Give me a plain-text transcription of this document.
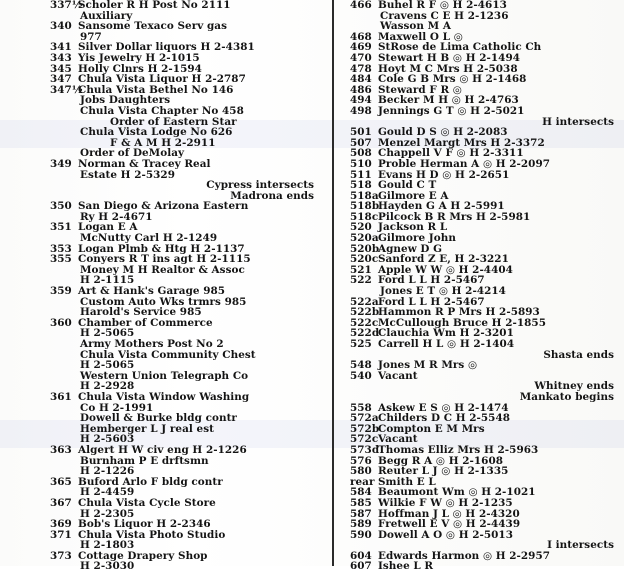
337½Scholer R H Post No 2111
Auxiliary
340 Sansome Texaco Serv gas
977
341 Silver Dollar liquors H 2-4381
343 Yis Jewelry H 2-1015
345 Holly Clnrs H 2-1594
347 Chula Vista Liquor H 2-2787
347½Chula Vista Bethel No 146
Jobs Daughters
Chula Vista Chapter No 458
Order of Eastern Star
Chula Vista Lodge No 626
F & A M H 2-2911
Order of DeMolay
349 Norman & Tracey Real
Estate H 2-5329
Cypress intersects
Madrona ends
350 San Diego & Arizona Eastern
Ry H 2-4671
351 Logan E A
McNutty Carl H 2-1249
353 Logan Plmb & Htg H 2-1137
355 Conyers R T ins agt H 2-1115
Money M H Realtor & Assoc
H 2-1115
359 Art & Hank's Garage 985
Custom Auto Wks trmrs 985
Harold's Service 985
360 Chamber of Commerce
H 2-5065
Army Mothers Post No 2
Chula Vista Community Chest
H 2-5065
Western Union Telegraph Co
H 2-2928
361 Chula Vista Window Washing
Co H 2-1991
Dowell & Burke bldg contr
Hemberger L J real est
H 2-5603
363 Algert H W civ eng H 2-1226
Burnham P E drftsmn
H 2-1226
365 Buford Arlo F bldg contr
H 2-4459
367 Chula Vista Cycle Store
H 2-2305
369 Bob's Liquor H 2-2346
371 Chula Vista Photo Studio
H 2-1803
373 Cottage Drapery Shop
H 2-3030
466 Buhel R F ◎ H 2-4613
Cravens C E H 2-1236
Wasson M A
468 Maxwell O L ◎
469 StRose de Lima Catholic Ch
470 Stewart H B ◎ H 2-1494
478 Hoyt M C Mrs H 2-5038
484 Cole G B Mrs ◎ H 2-1468
486 Steward F R ◎
494 Becker M H ◎ H 2-4763
498 Jennings G T ◎ H 2-5021
H intersects
501 Gould D S ◎ H 2-2083
507 Menzel Margt Mrs H 2-3372
508 Chappell V F ◎ H 2-3311
510 Proble Herman A ◎ H 2-2097
511 Evans H D ◎ H 2-2651
518 Gould C T
518aGilmore E A
518bHayden G A H 2-5991
518cPilcock B R Mrs H 2-5981
520 Jackson R L
520aGilmore John
520bAgnew D G
520cSanford Z E, H 2-3221
521 Apple W W ◎ H 2-4404
522 Ford L L H 2-5467
Jones E T ◎ H 2-4214
522aFord L L H 2-5467
522bHammon R P Mrs H 2-5893
522cMcCullough Bruce H 2-1855
522dClauchia Wm H 2-3201
525 Carrell H L ◎ H 2-1404
Shasta ends
548 Jones M R Mrs ◎
540 Vacant
Whitney ends
Mankato begins
558 Askew E S ◎ H 2-1474
572aChilders D C H 2-5548
572bCompton E M Mrs
572cVacant
573dThomas Elliz Mrs H 2-5963
576 Begg R A ◎ H 2-1608
580 Reuter L J ◎ H 2-1335
rear Smith E L
584 Beaumont Wm ◎ H 2-1021
585 Wilkie F W ◎ H 2-1235
587 Hoffman J L ◎ H 2-4320
589 Fretwell E V ◎ H 2-4439
590 Dowell A O ◎ H 2-5013
I intersects
604 Edwards Harmon ◎ H 2-2957
607 Ishee L R
